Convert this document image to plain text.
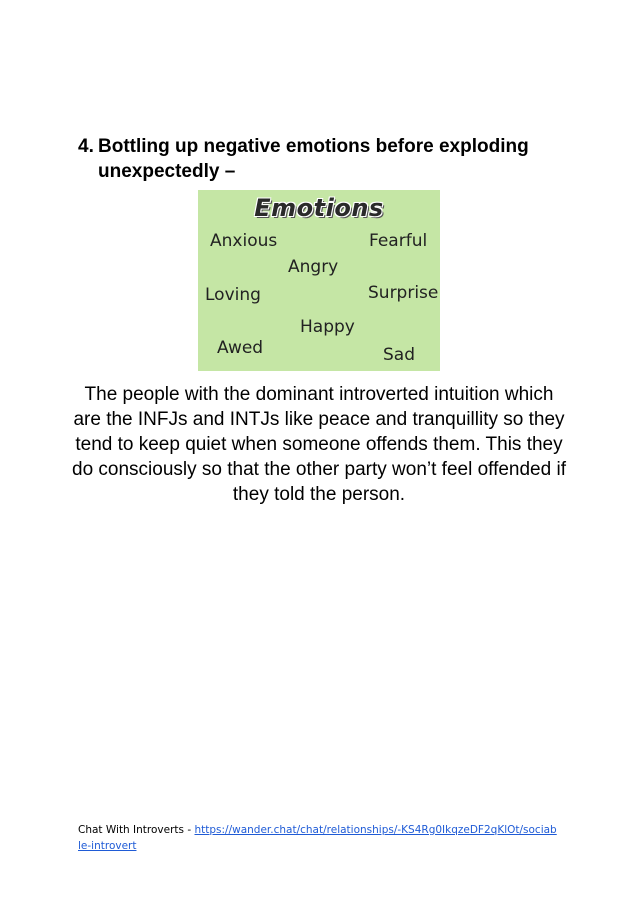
4. Bottling up negative emotions before exploding unexpectedly –
Emotions
Anxious	Fearful
Angry
Loving	Surprise
Happy
Awed	Sad
The people with the dominant introverted intuition which are the INFJs and INTJs like peace and tranquillity so they tend to keep quiet when someone offends them. This they do consciously so that the other party won’t feel offended if they told the person.
Chat With Introverts - https://wander.chat/chat/relationships/-KS4Rg0IkqzeDF2qKlOt/sociable-introvert
